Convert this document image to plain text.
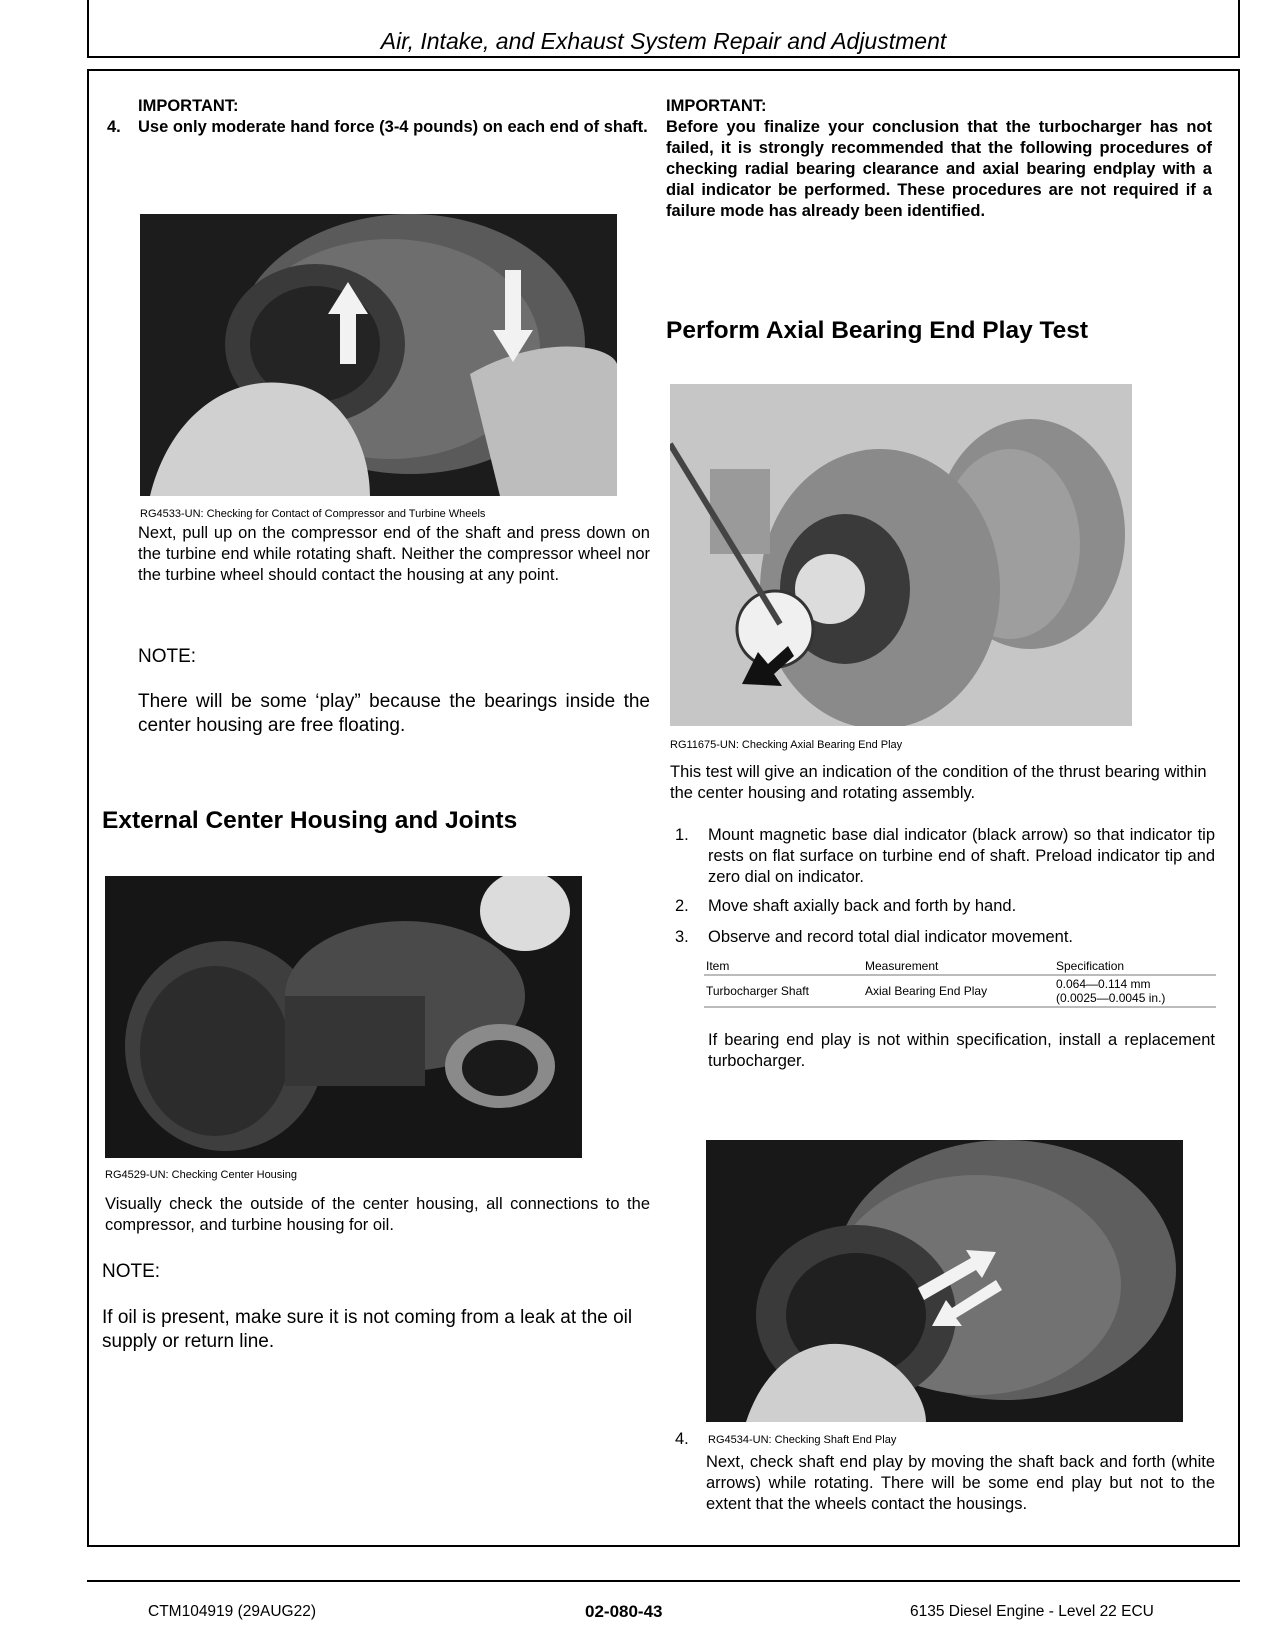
Air, Intake, and Exhaust System Repair and Adjustment
IMPORTANT:
4. Use only moderate hand force (3-4 pounds) on each end of shaft.
RG4533-UN: Checking for Contact of Compressor and Turbine Wheels
Next, pull up on the compressor end of the shaft and press down on the turbine end while rotating shaft. Neither the compressor wheel nor the turbine wheel should contact the housing at any point.
NOTE:
There will be some ‘play” because the bearings inside the center housing are free floating.
External Center Housing and Joints
RG4529-UN: Checking Center Housing
Visually check the outside of the center housing, all connections to the compressor, and turbine housing for oil.
NOTE:
If oil is present, make sure it is not coming from a leak at the oil supply or return line.
IMPORTANT:
Before you finalize your conclusion that the turbocharger has not failed, it is strongly recommended that the following procedures of checking radial bearing clearance and axial bearing endplay with a dial indicator be performed. These procedures are not required if a failure mode has already been identified.
Perform Axial Bearing End Play Test
RG11675-UN: Checking Axial Bearing End Play
This test will give an indication of the condition of the thrust bearing within the center housing and rotating assembly.
1. Mount magnetic base dial indicator (black arrow) so that indicator tip rests on flat surface on turbine end of shaft. Preload indicator tip and zero dial on indicator.
2. Move shaft axially back and forth by hand.
3. Observe and record total dial indicator movement.
Item	Measurement	Specification
Turbocharger Shaft	Axial Bearing End Play	0.064—0.114 mm
(0.0025—0.0045 in.)
If bearing end play is not within specification, install a replacement turbocharger.
4. RG4534-UN: Checking Shaft End Play
Next, check shaft end play by moving the shaft back and forth (white arrows) while rotating. There will be some end play but not to the extent that the wheels contact the housings.
CTM104919 (29AUG22)	02-080-43	6135 Diesel Engine - Level 22 ECU
